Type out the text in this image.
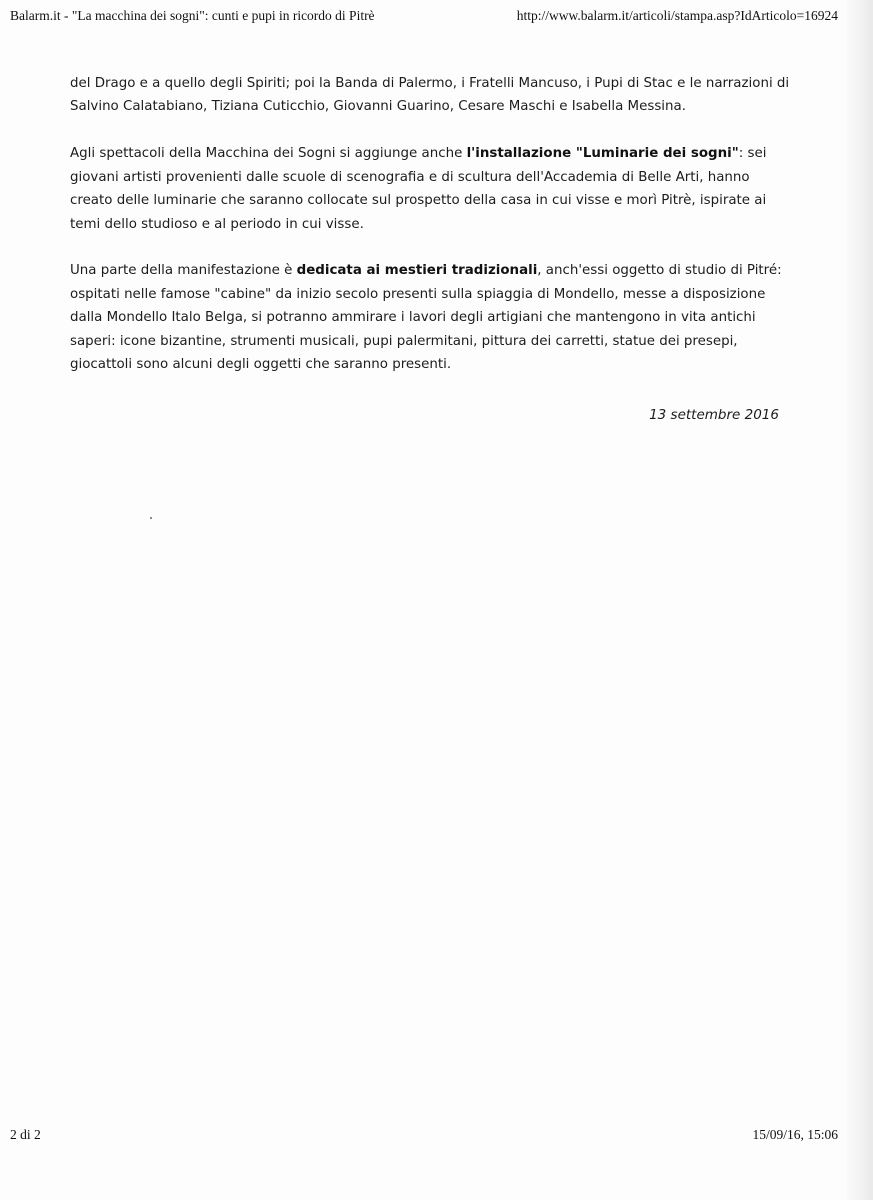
Balarm.it - "La macchina dei sogni": cunti e pupi in ricordo di Pitrè	http://www.balarm.it/articoli/stampa.asp?IdArticolo=16924

del Drago e a quello degli Spiriti; poi la Banda di Palermo, i Fratelli Mancuso, i Pupi di Stac e le narrazioni di Salvino Calatabiano, Tiziana Cuticchio, Giovanni Guarino, Cesare Maschi e Isabella Messina.

Agli spettacoli della Macchina dei Sogni si aggiunge anche l'installazione "Luminarie dei sogni": sei giovani artisti provenienti dalle scuole di scenografia e di scultura dell'Accademia di Belle Arti, hanno creato delle luminarie che saranno collocate sul prospetto della casa in cui visse e morì Pitrè, ispirate ai temi dello studioso e al periodo in cui visse.

Una parte della manifestazione è dedicata ai mestieri tradizionali, anch'essi oggetto di studio di Pitré: ospitati nelle famose "cabine" da inizio secolo presenti sulla spiaggia di Mondello, messe a disposizione dalla Mondello Italo Belga, si potranno ammirare i lavori degli artigiani che mantengono in vita antichi saperi: icone bizantine, strumenti musicali, pupi palermitani, pittura dei carretti, statue dei presepi, giocattoli sono alcuni degli oggetti che saranno presenti.

13 settembre 2016
2 di 2	15/09/16, 15:06
